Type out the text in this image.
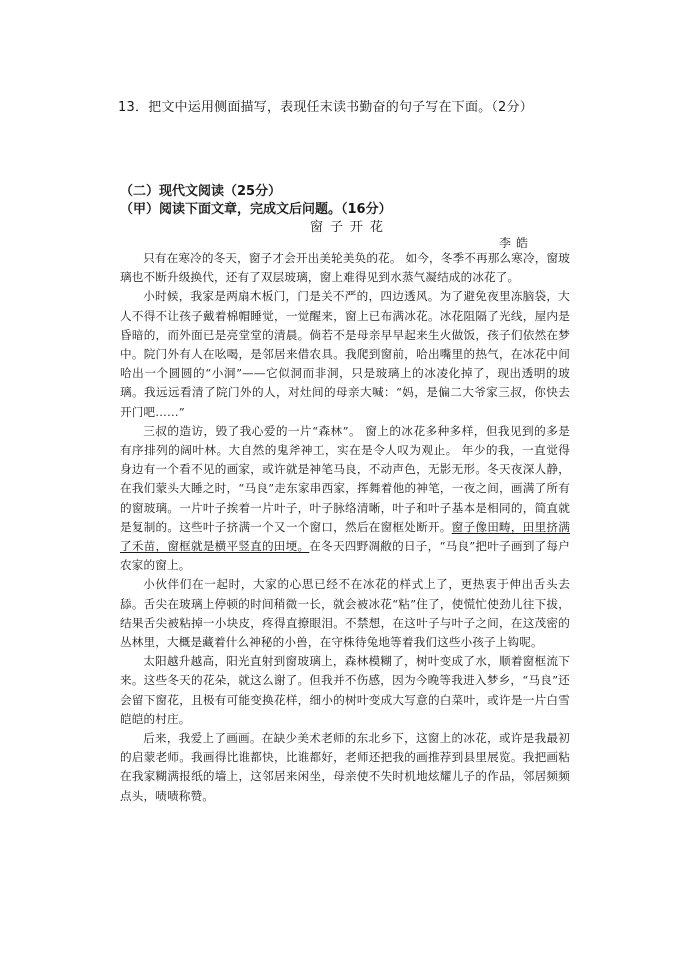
13．把文中运用侧面描写，表现任末读书勤奋的句子写在下面。（2分）
（二）现代文阅读（25分）
（甲）阅读下面文章，完成文后问题。（16分）
窗子开花
李皓

只有在寒冷的冬天，窗子才会开出美轮美奂的花。 如今，冬季不再那么寒冷，窗玻璃也不断升级换代，还有了双层玻璃，窗上难得见到水蒸气凝结成的冰花了。

小时候，我家是两扇木板门，门是关不严的，四边透风。为了避免夜里冻脑袋，大人不得不让孩子戴着棉帽睡觉，一觉醒来，窗上已布满冰花。冰花阻隔了光线，屋内是昏暗的，而外面已是亮堂堂的清晨。倘若不是母亲早早起来生火做饭，孩子们依然在梦中。院门外有人在吆喝，是邻居来借农具。我爬到窗前，哈出嘴里的热气，在冰花中间哈出一个圆圆的“小洞”——它似洞而非洞，只是玻璃上的冰凌化掉了，现出透明的玻璃。我远远看清了院门外的人，对灶间的母亲大喊：“妈，是偏二大爷家三叔，你快去开门吧……”

三叔的造访，毁了我心爱的一片“森林”。 窗上的冰花多种多样，但我见到的多是有序排列的阔叶林。大自然的鬼斧神工，实在是令人叹为观止。 年少的我，一直觉得身边有一个看不见的画家，或许就是神笔马良，不动声色，无影无形。冬天夜深人静，在我们蒙头大睡之时，“马良”走东家串西家，挥舞着他的神笔，一夜之间，画满了所有的窗玻璃。一片叶子挨着一片叶子，叶子脉络清晰，叶子和叶子基本是相同的，简直就是复制的。这些叶子挤满一个又一个窗口，然后在窗框处断开。窗子像田畴，田里挤满了禾苗，窗框就是横平竖直的田埂。在冬天四野凋敝的日子，“马良”把叶子画到了每户农家的窗上。

小伙伴们在一起时，大家的心思已经不在冰花的样式上了，更热衷于伸出舌头去舔。舌尖在玻璃上停顿的时间稍微一长，就会被冰花“粘”住了，使慌忙使劲儿往下拔，结果舌尖被粘掉一小块皮，疼得直撩眼泪。不禁想，在这叶子与叶子之间，在这茂密的丛林里，大概是藏着什么神秘的小兽，在守株待兔地等着我们这些小孩子上钩呢。

太阳越升越高，阳光直射到窗玻璃上，森林模糊了，树叶变成了水，顺着窗框流下来。这些冬天的花朵，就这么谢了。但我并不伤感，因为今晚等我进入梦乡，“马良”还会留下窗花，且极有可能变换花样，细小的树叶变成大写意的白菜叶，或许是一片白雪皑皑的村庄。

后来，我爱上了画画。在缺少美术老师的东北乡下，这窗上的冰花，或许是我最初的启蒙老师。我画得比谁都快，比谁都好，老师还把我的画推荐到县里展览。我把画粘在我家糊满报纸的墙上，这邻居来闲坐，母亲使不失时机地炫耀儿子的作品，邻居频频点头，啧啧称赞。
